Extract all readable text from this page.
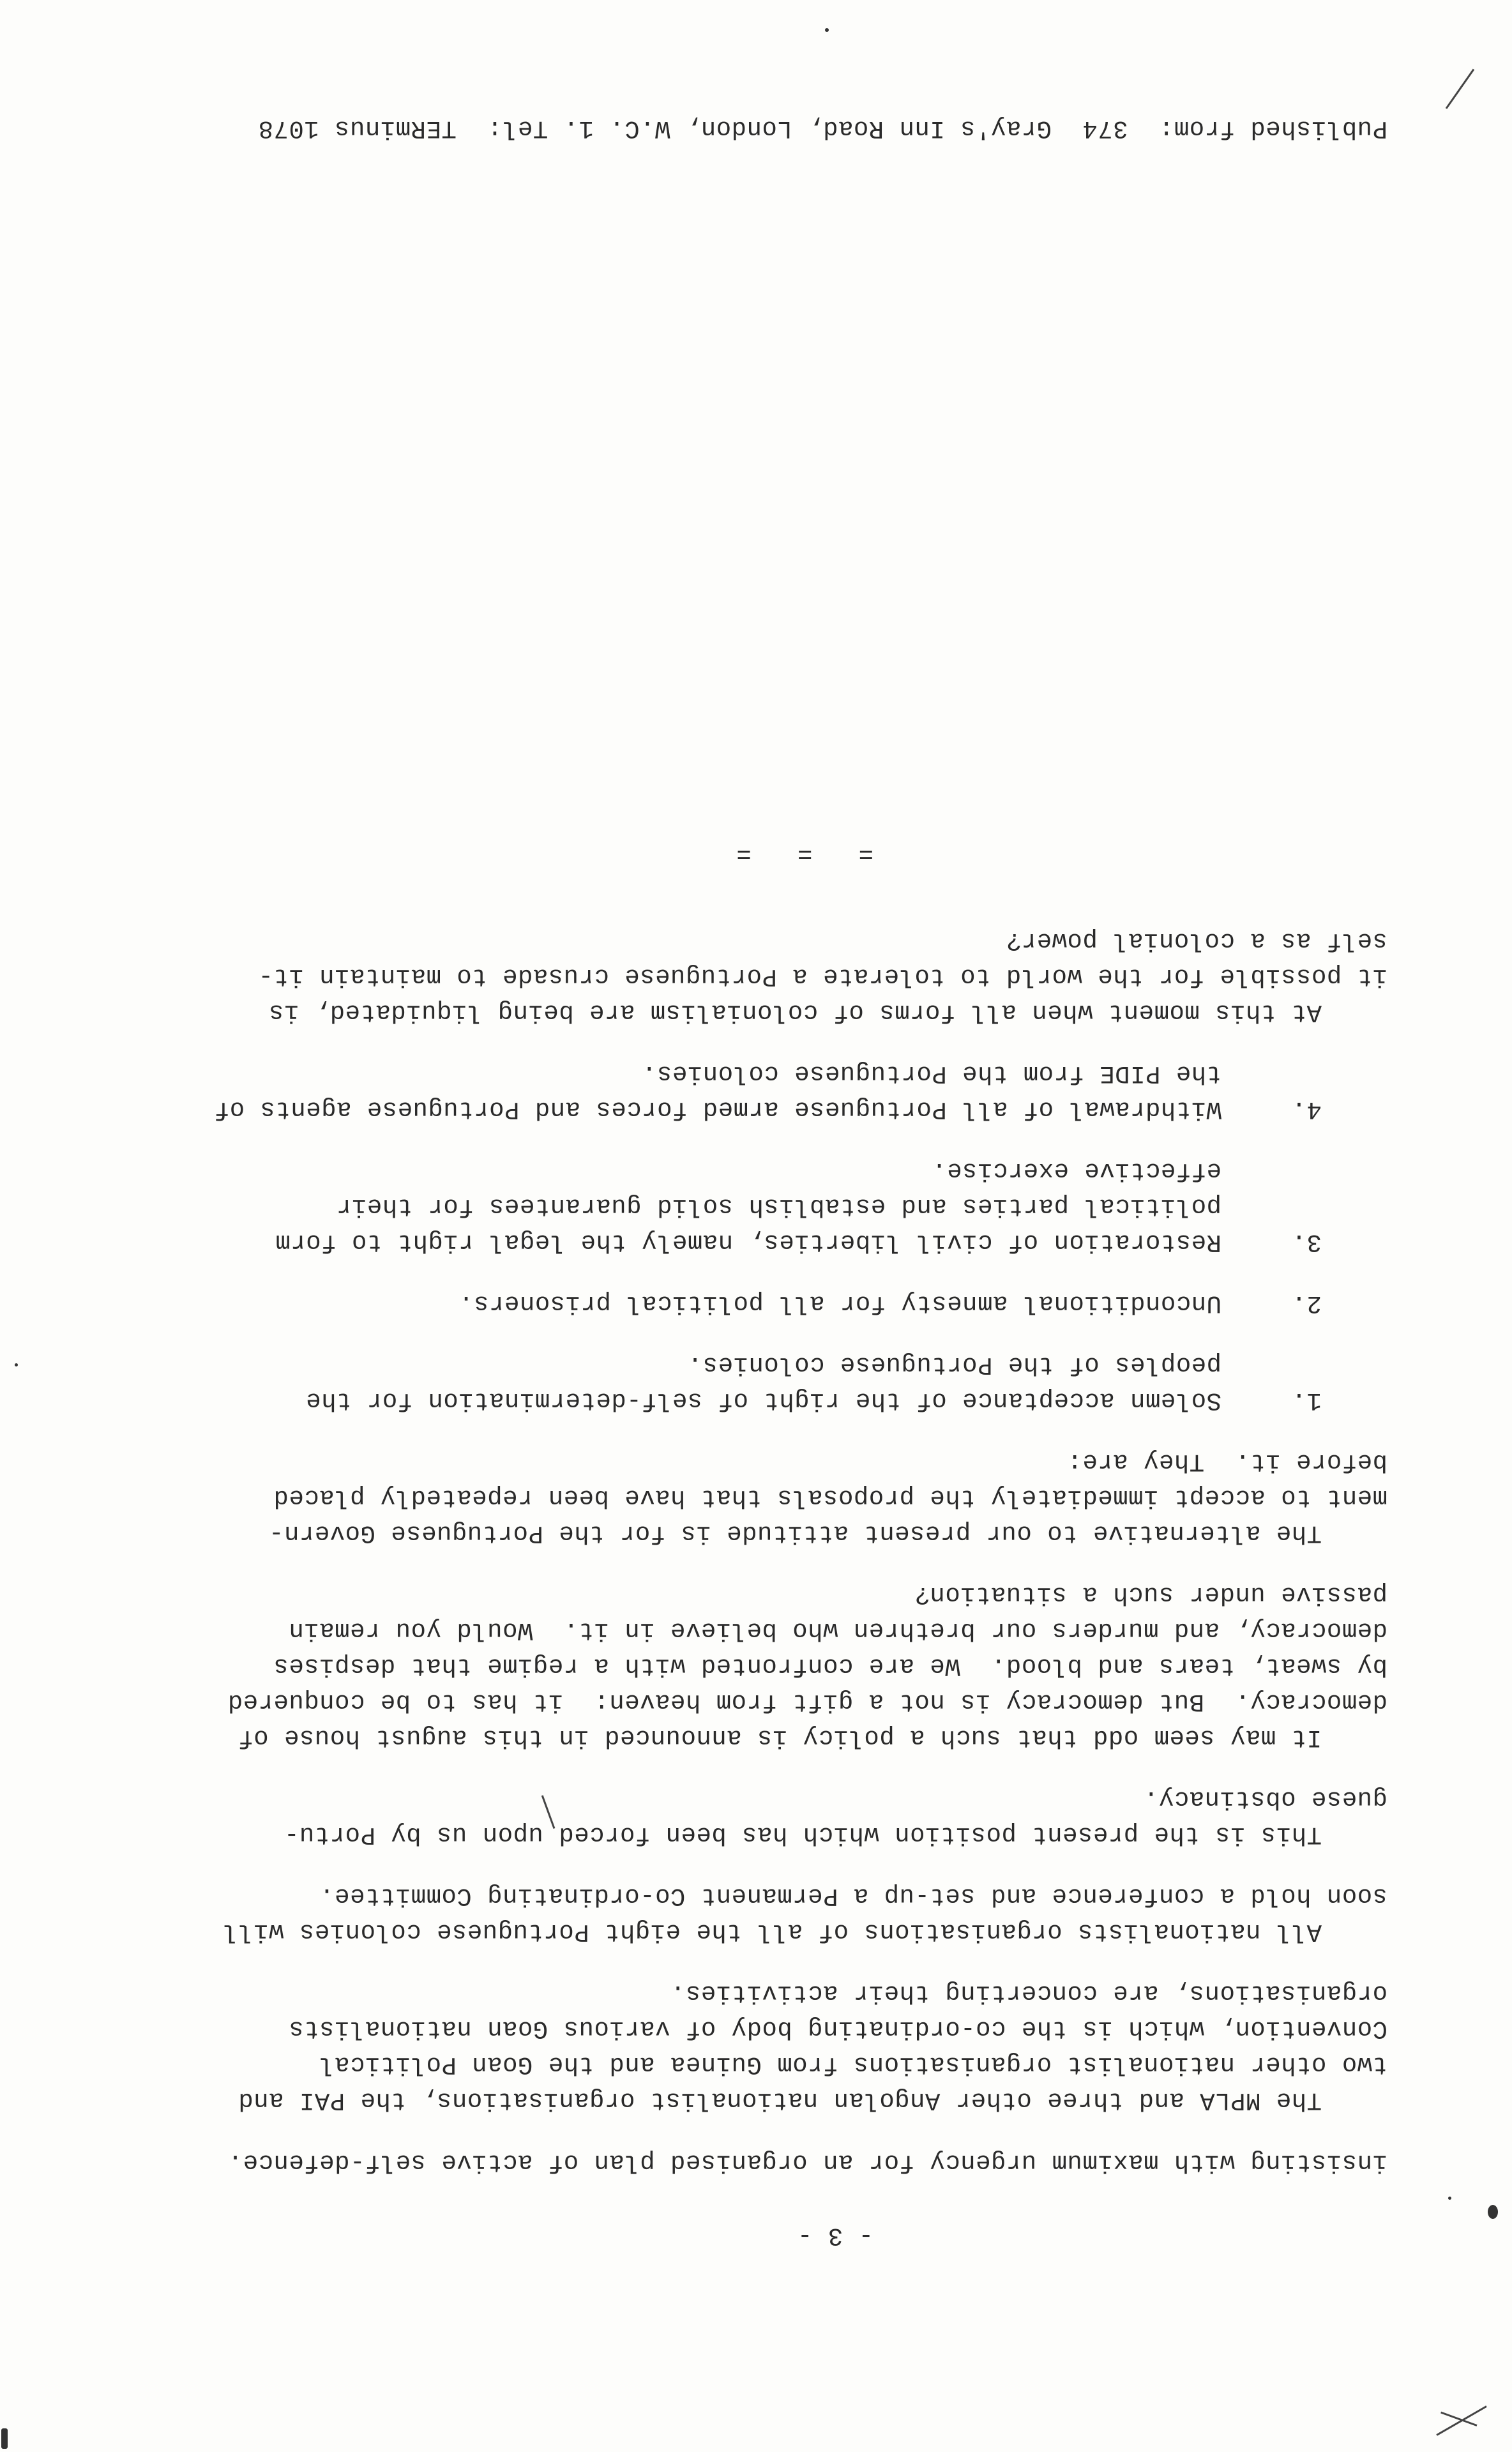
- 3 -
insisting with maximum urgency for an organised plan of active self-defence.
The MPLA and three other Angolan nationalist organisations, the PAI and
two other nationalist organisations from Guinea and the Goan Political
Convention, which is the co-ordinating body of various Goan nationalists
organisations, are concerting their activities.
All nationalists organisations of all the eight Portuguese colonies will
soon hold a conference and set-up a Permanent Co-ordinating Committee.
This is the present position which has been forced upon us by Portu-
guese obstinacy.
It may seem odd that such a policy is announced in this august house of
democracy.  But democracy is not a gift from heaven:  it has to be conquered
by sweat, tears and blood.  We are confronted with a regime that despises
democracy, and murders our brethren who believe in it.  Would you remain
passive under such a situation?
The alternative to our present attitude is for the Portuguese Govern-
ment to accept immediately the proposals that have been repeatedly placed
before it.  They are:
1.
Solemn acceptance of the right of self-determination for the
peoples of the Portuguese colonies.
2.
Unconditional amnesty for all political prisoners.
3.
Restoration of civil liberties, namely the legal right to form
political parties and establish solid guarantees for their
effective exercise.
4.
Withdrawal of all Portuguese armed forces and Portuguese agents of
the PIDE from the Portuguese colonies.
At this moment when all forms of colonialism are being liquidated, is
it possible for the world to tolerate a Portuguese crusade to maintain it-
self as a colonial power?
=   =   =
Published from:  374  Gray's Inn Road, London, W.C. 1. Tel:  TERminus 1078
